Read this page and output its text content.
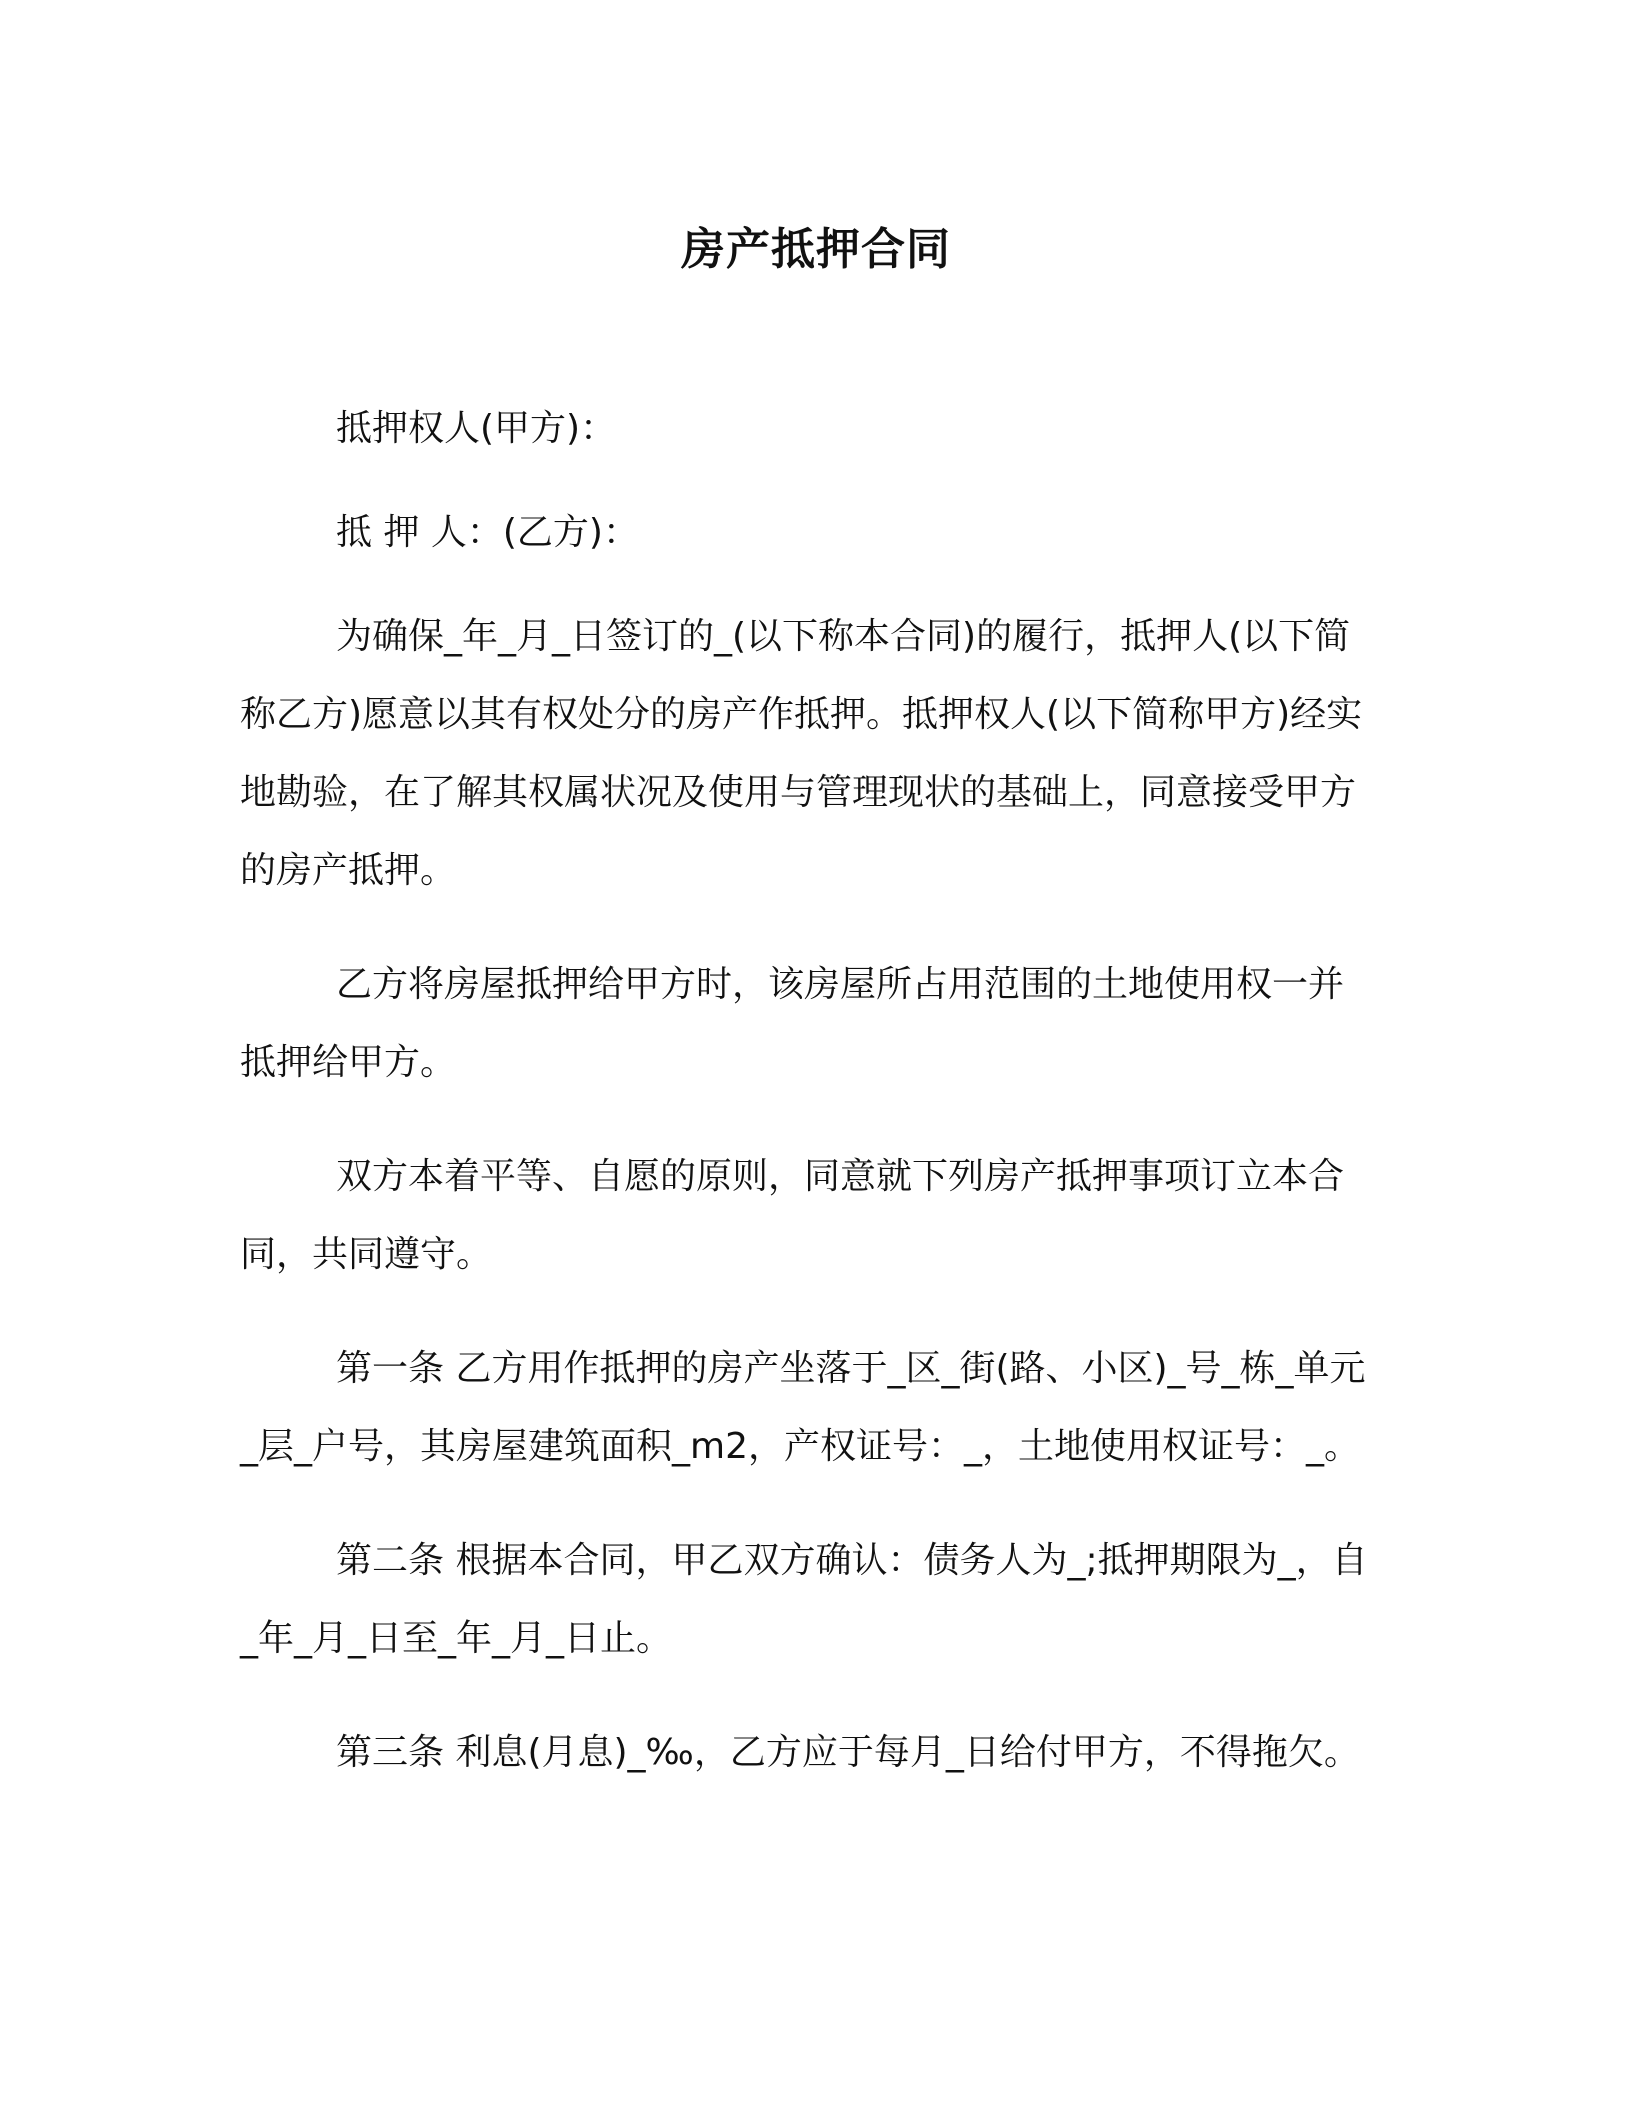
房产抵押合同

抵押权人(甲方)：

抵 押 人：(乙方)：

为确保_年_月_日签订的_(以下称本合同)的履行，抵押人(以下简称乙方)愿意以其有权处分的房产作抵押。抵押权人(以下简称甲方)经实地勘验，在了解其权属状况及使用与管理现状的基础上，同意接受甲方的房产抵押。

乙方将房屋抵押给甲方时，该房屋所占用范围的土地使用权一并抵押给甲方。

双方本着平等、自愿的原则，同意就下列房产抵押事项订立本合同，共同遵守。

第一条 乙方用作抵押的房产坐落于_区_街(路、小区)_号_栋_单元_层_户号，其房屋建筑面积_m2，产权证号：_，土地使用权证号：_。

第二条 根据本合同，甲乙双方确认：债务人为_;抵押期限为_，自_年_月_日至_年_月_日止。

第三条 利息(月息)_‰，乙方应于每月_日给付甲方，不得拖欠。
